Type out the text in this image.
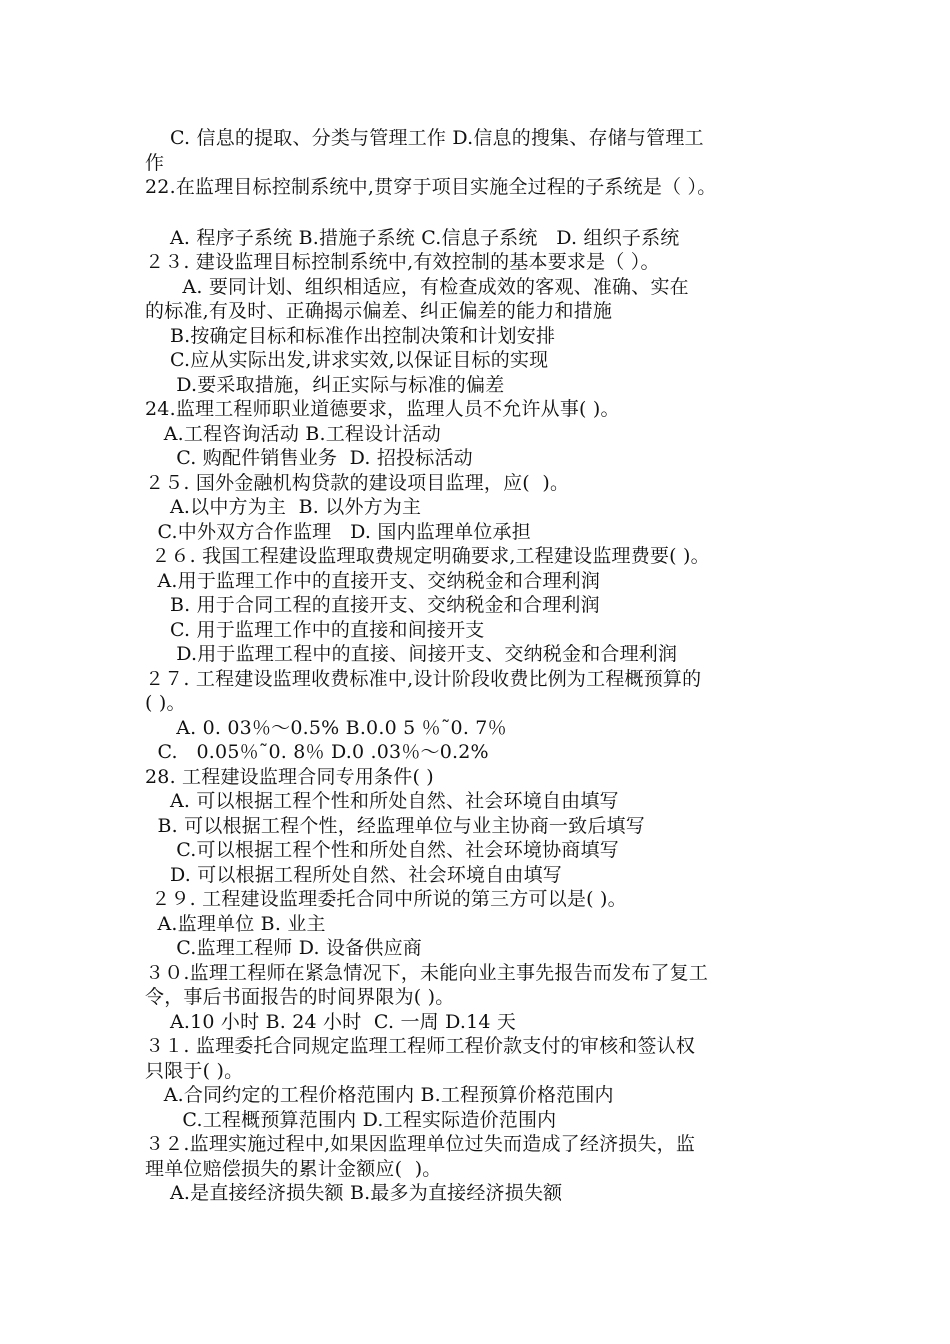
C. 信息的提取、分类与管理工作 D.信息的搜集、存储与管理工
作
22.在监理目标控制系统中,贯穿于项目实施全过程的子系统是（ ）。
A. 程序子系统 B.措施子系统 C.信息子系统   D. 组织子系统
２３. 建设监理目标控制系统中,有效控制的基本要求是（ ）。
A. 要同计划、组织相适应，有检查成效的客观、准确、实在
的标准,有及时、正确揭示偏差、纠正偏差的能力和措施
B.按确定目标和标准作出控制决策和计划安排
C.应从实际出发,讲求实效,以保证目标的实现
D.要采取措施，纠正实际与标准的偏差
24.监理工程师职业道德要求，监理人员不允许从事( )。
A.工程咨询活动 B.工程设计活动
C. 购配件销售业务  D. 招投标活动
２５. 国外金融机构贷款的建设项目监理，应(  )。
A.以中方为主  B. 以外方为主
C.中外双方合作监理   D. 国内监理单位承担
２６. 我国工程建设监理取费规定明确要求,工程建设监理费要( )。
A.用于监理工作中的直接开支、交纳税金和合理利润
B. 用于合同工程的直接开支、交纳税金和合理利润
C. 用于监理工作中的直接和间接开支
D.用于监理工程中的直接、间接开支、交纳税金和合理利润
２７. 工程建设监理收费标准中,设计阶段收费比例为工程概预算的
( )。
A. 0. 03％～0.5% B.0.0 5 ％˜0. 7％
C.   0.05％˜0. 8％ D.0 .03％～0.2%
28. 工程建设监理合同专用条件( )
A. 可以根据工程个性和所处自然、社会环境自由填写
B. 可以根据工程个性，经监理单位与业主协商一致后填写
C.可以根据工程个性和所处自然、社会环境协商填写
D. 可以根据工程所处自然、社会环境自由填写
２９. 工程建设监理委托合同中所说的第三方可以是( )。
A.监理单位 B. 业主
C.监理工程师 D. 设备供应商
３０.监理工程师在紧急情况下，未能向业主事先报告而发布了复工
令，事后书面报告的时间界限为( )。
A.10 小时 B. 24 小时  C. 一周 D.14 天
３１. 监理委托合同规定监理工程师工程价款支付的审核和签认权
只限于( )。
A.合同约定的工程价格范围内 B.工程预算价格范围内
C.工程概预算范围内 D.工程实际造价范围内
３２.监理实施过程中,如果因监理单位过失而造成了经济损失，监
理单位赔偿损失的累计金额应(  )。
A.是直接经济损失额 B.最多为直接经济损失额
